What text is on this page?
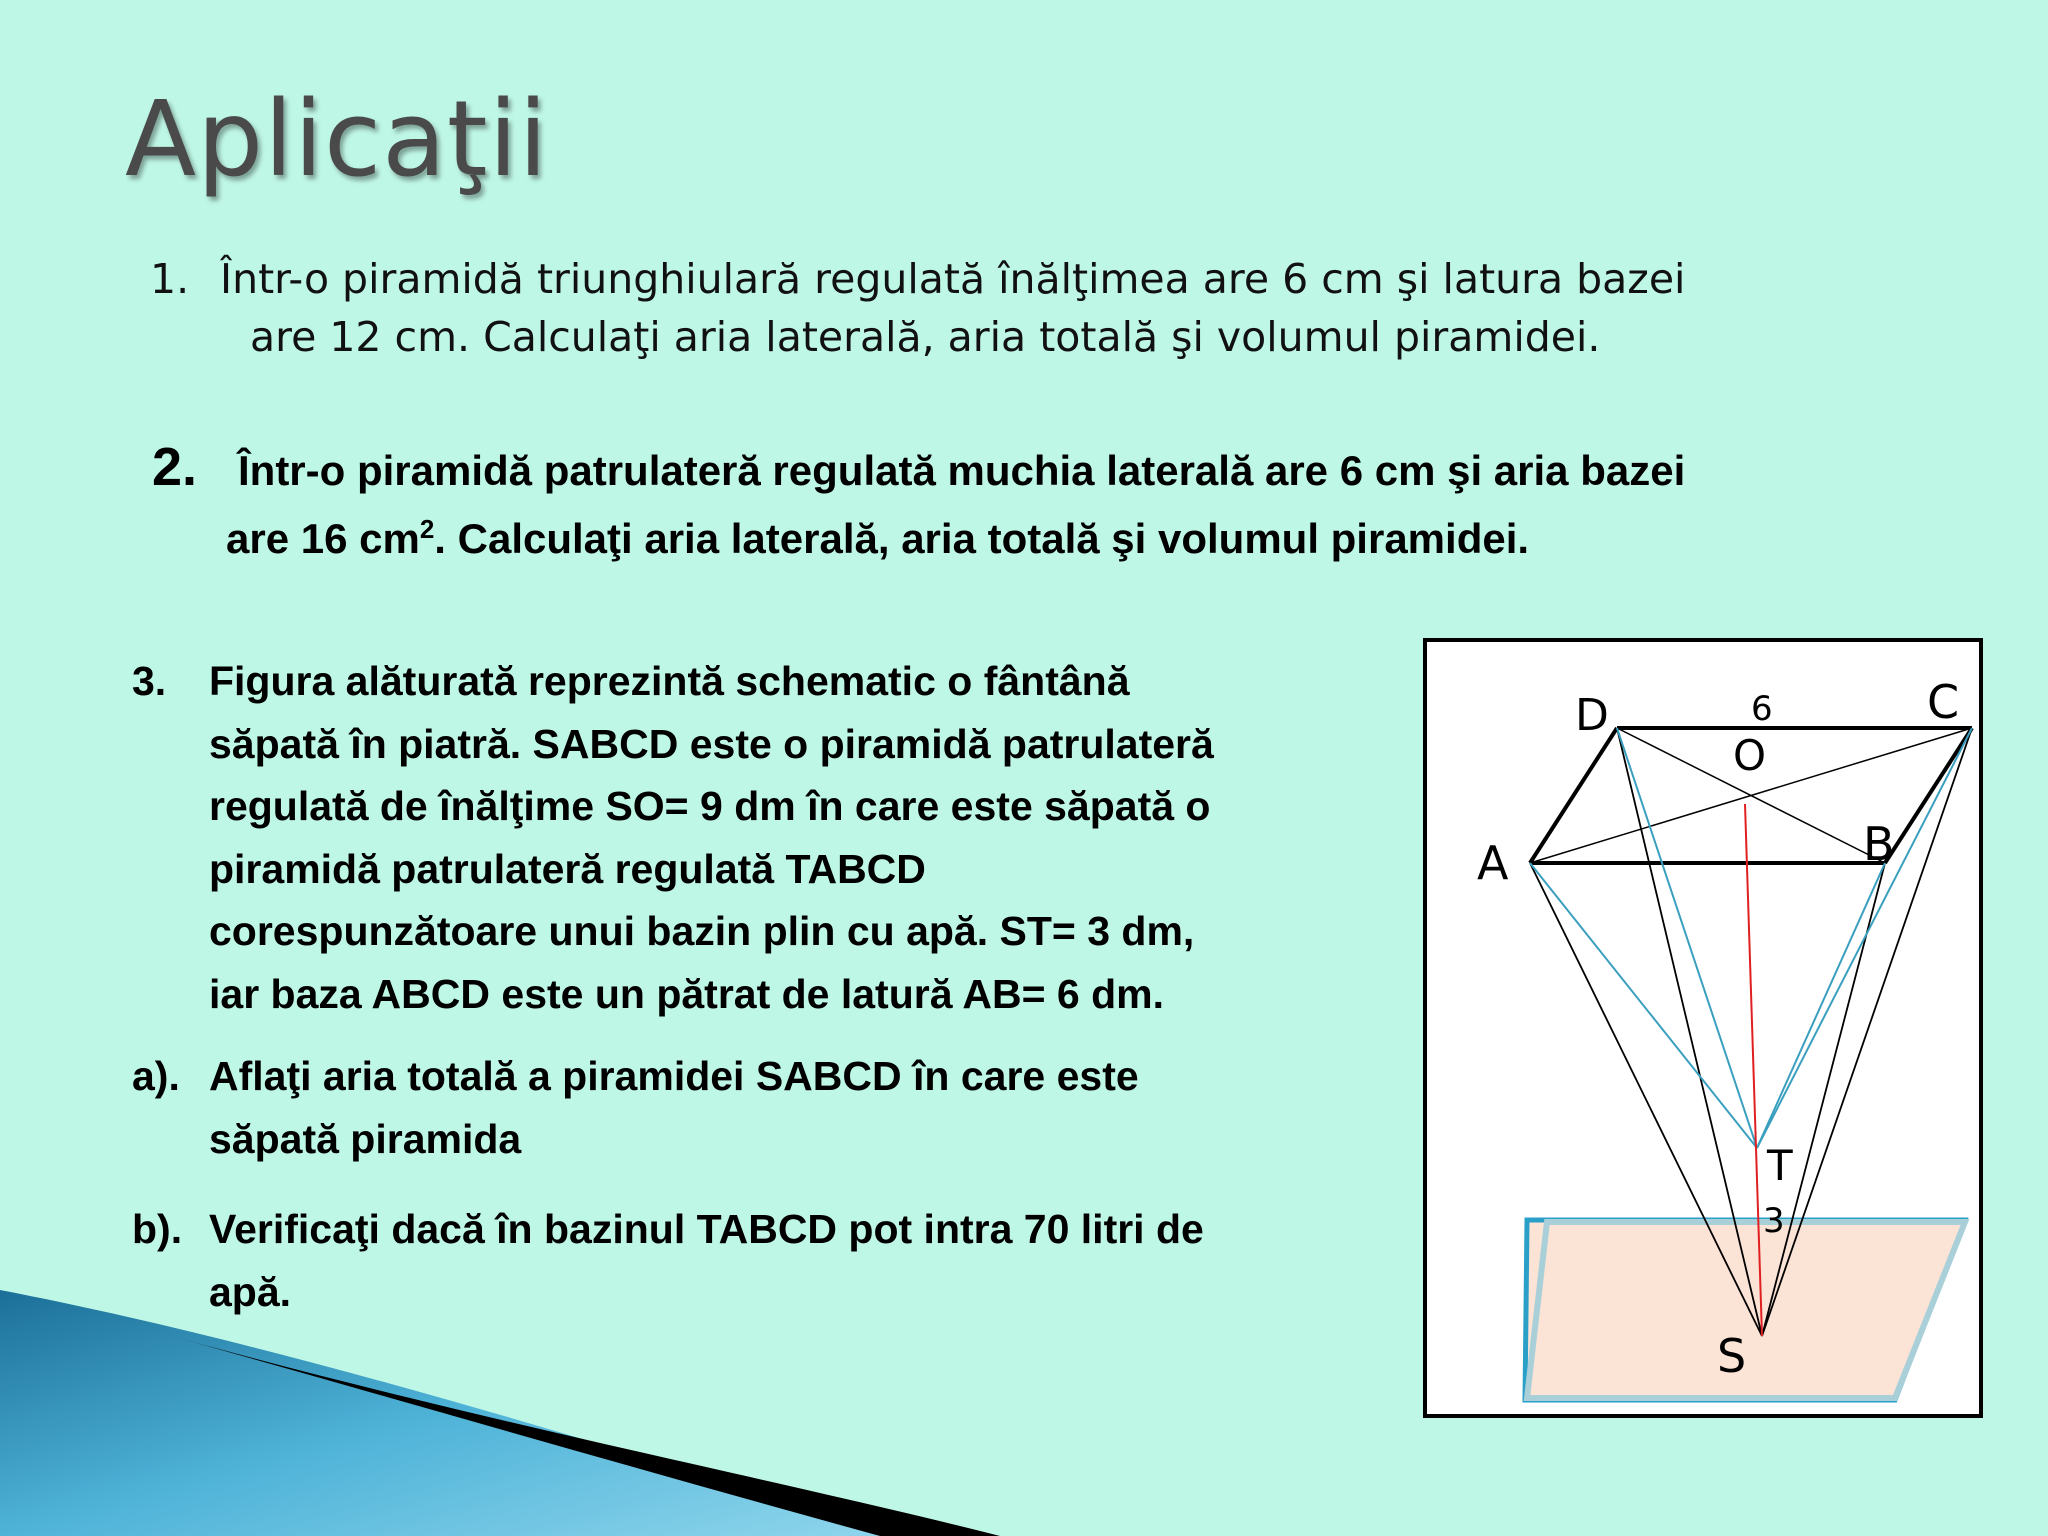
Aplicaţii
1. Într-o piramidă triunghiulară regulată înălţimea are 6 cm şi latura bazei
are 12 cm. Calculaţi aria laterală, aria totală şi volumul piramidei.
2. Într-o piramidă patrulateră regulată muchia laterală are 6 cm şi aria bazei
are 16 $cm^2$. Calculaţi aria laterală, aria totală şi volumul piramidei.
3. Figura alăturată reprezintă schematic o fântână
săpată în piatră. SABCD este o piramidă patrulateră
regulată de înălţime SO= 9 dm în care este săpată o
piramidă patrulateră regulată TABCD
corespunzătoare unui bazin plin cu apă. ST= 3 dm,
iar baza ABCD este un pătrat de latură AB= 6 dm.
a). Aflaţi aria totală a piramidei SABCD în care este
săpată piramida
b). Verificaţi dacă în bazinul TABCD pot intra 70 litri de
apă.
D	6	C
O
A	B
T
3
S
